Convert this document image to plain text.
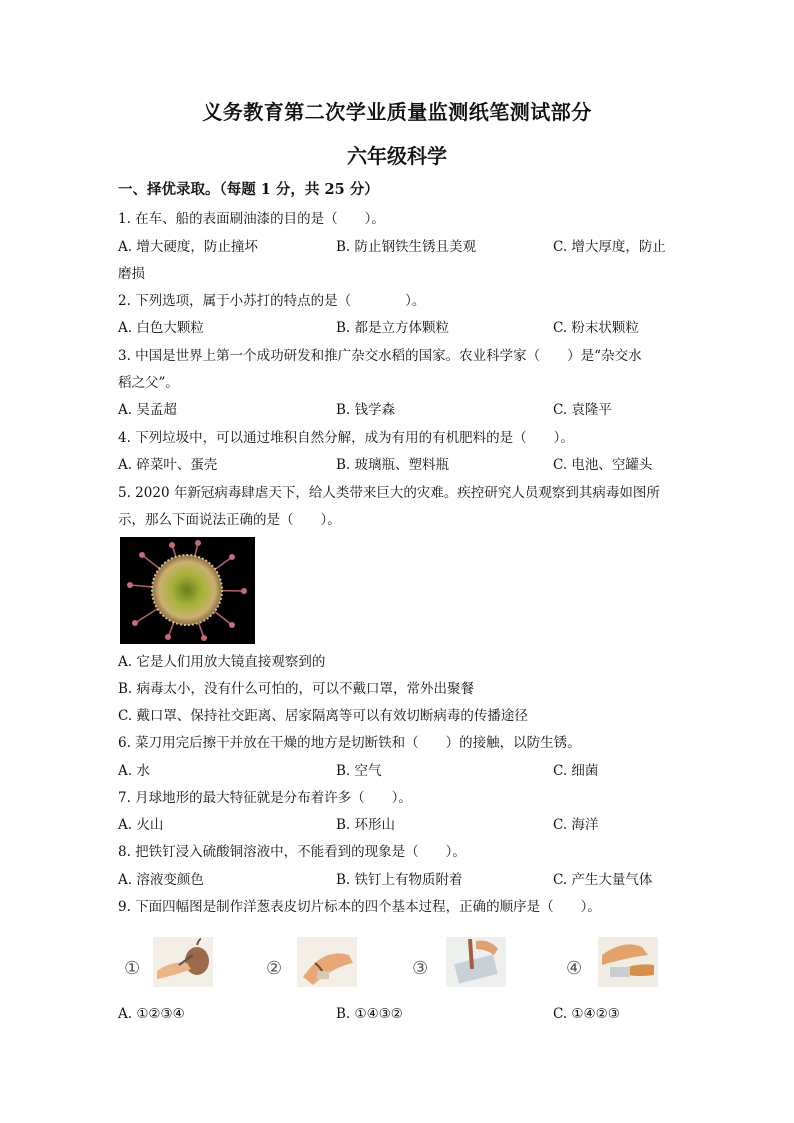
义务教育第二次学业质量监测纸笔测试部分
六年级科学
一、择优录取。（每题 1 分，共 25 分）
1. 在车、船的表面刷油漆的目的是（　　）。
A. 增大硬度，防止撞坏	B. 防止钢铁生锈且美观	C. 增大厚度，防止
磨损
2. 下列选项，属于小苏打的特点的是（　　　　）。
A. 白色大颗粒	B. 都是立方体颗粒	C. 粉末状颗粒
3. 中国是世界上第一个成功研发和推广杂交水稻的国家。农业科学家（　　）是“杂交水
稻之父”。
A. 吴孟超	B. 钱学森	C. 袁隆平
4. 下列垃圾中，可以通过堆积自然分解，成为有用的有机肥料的是（　　）。
A. 碎菜叶、蛋壳	B. 玻璃瓶、塑料瓶	C. 电池、空罐头
5. 2020 年新冠病毒肆虐天下，给人类带来巨大的灾难。疾控研究人员观察到其病毒如图所
示，那么下面说法正确的是（　　）。
A. 它是人们用放大镜直接观察到的
B. 病毒太小，没有什么可怕的，可以不戴口罩，常外出聚餐
C. 戴口罩、保持社交距离、居家隔离等可以有效切断病毒的传播途径
6. 菜刀用完后擦干并放在干燥的地方是切断铁和（　　）的接触，以防生锈。
A. 水	B. 空气	C. 细菌
7. 月球地形的最大特征就是分布着许多（　　）。
A. 火山	B. 环形山	C. 海洋
8. 把铁钉浸入硫酸铜溶液中，不能看到的现象是（　　）。
A. 溶液变颜色	B. 铁钉上有物质附着	C. 产生大量气体
9. 下面四幅图是制作洋葱表皮切片标本的四个基本过程，正确的顺序是（　　）。
①	②	③	④
A. ①②③④	B. ①④③②	C. ①④②③
